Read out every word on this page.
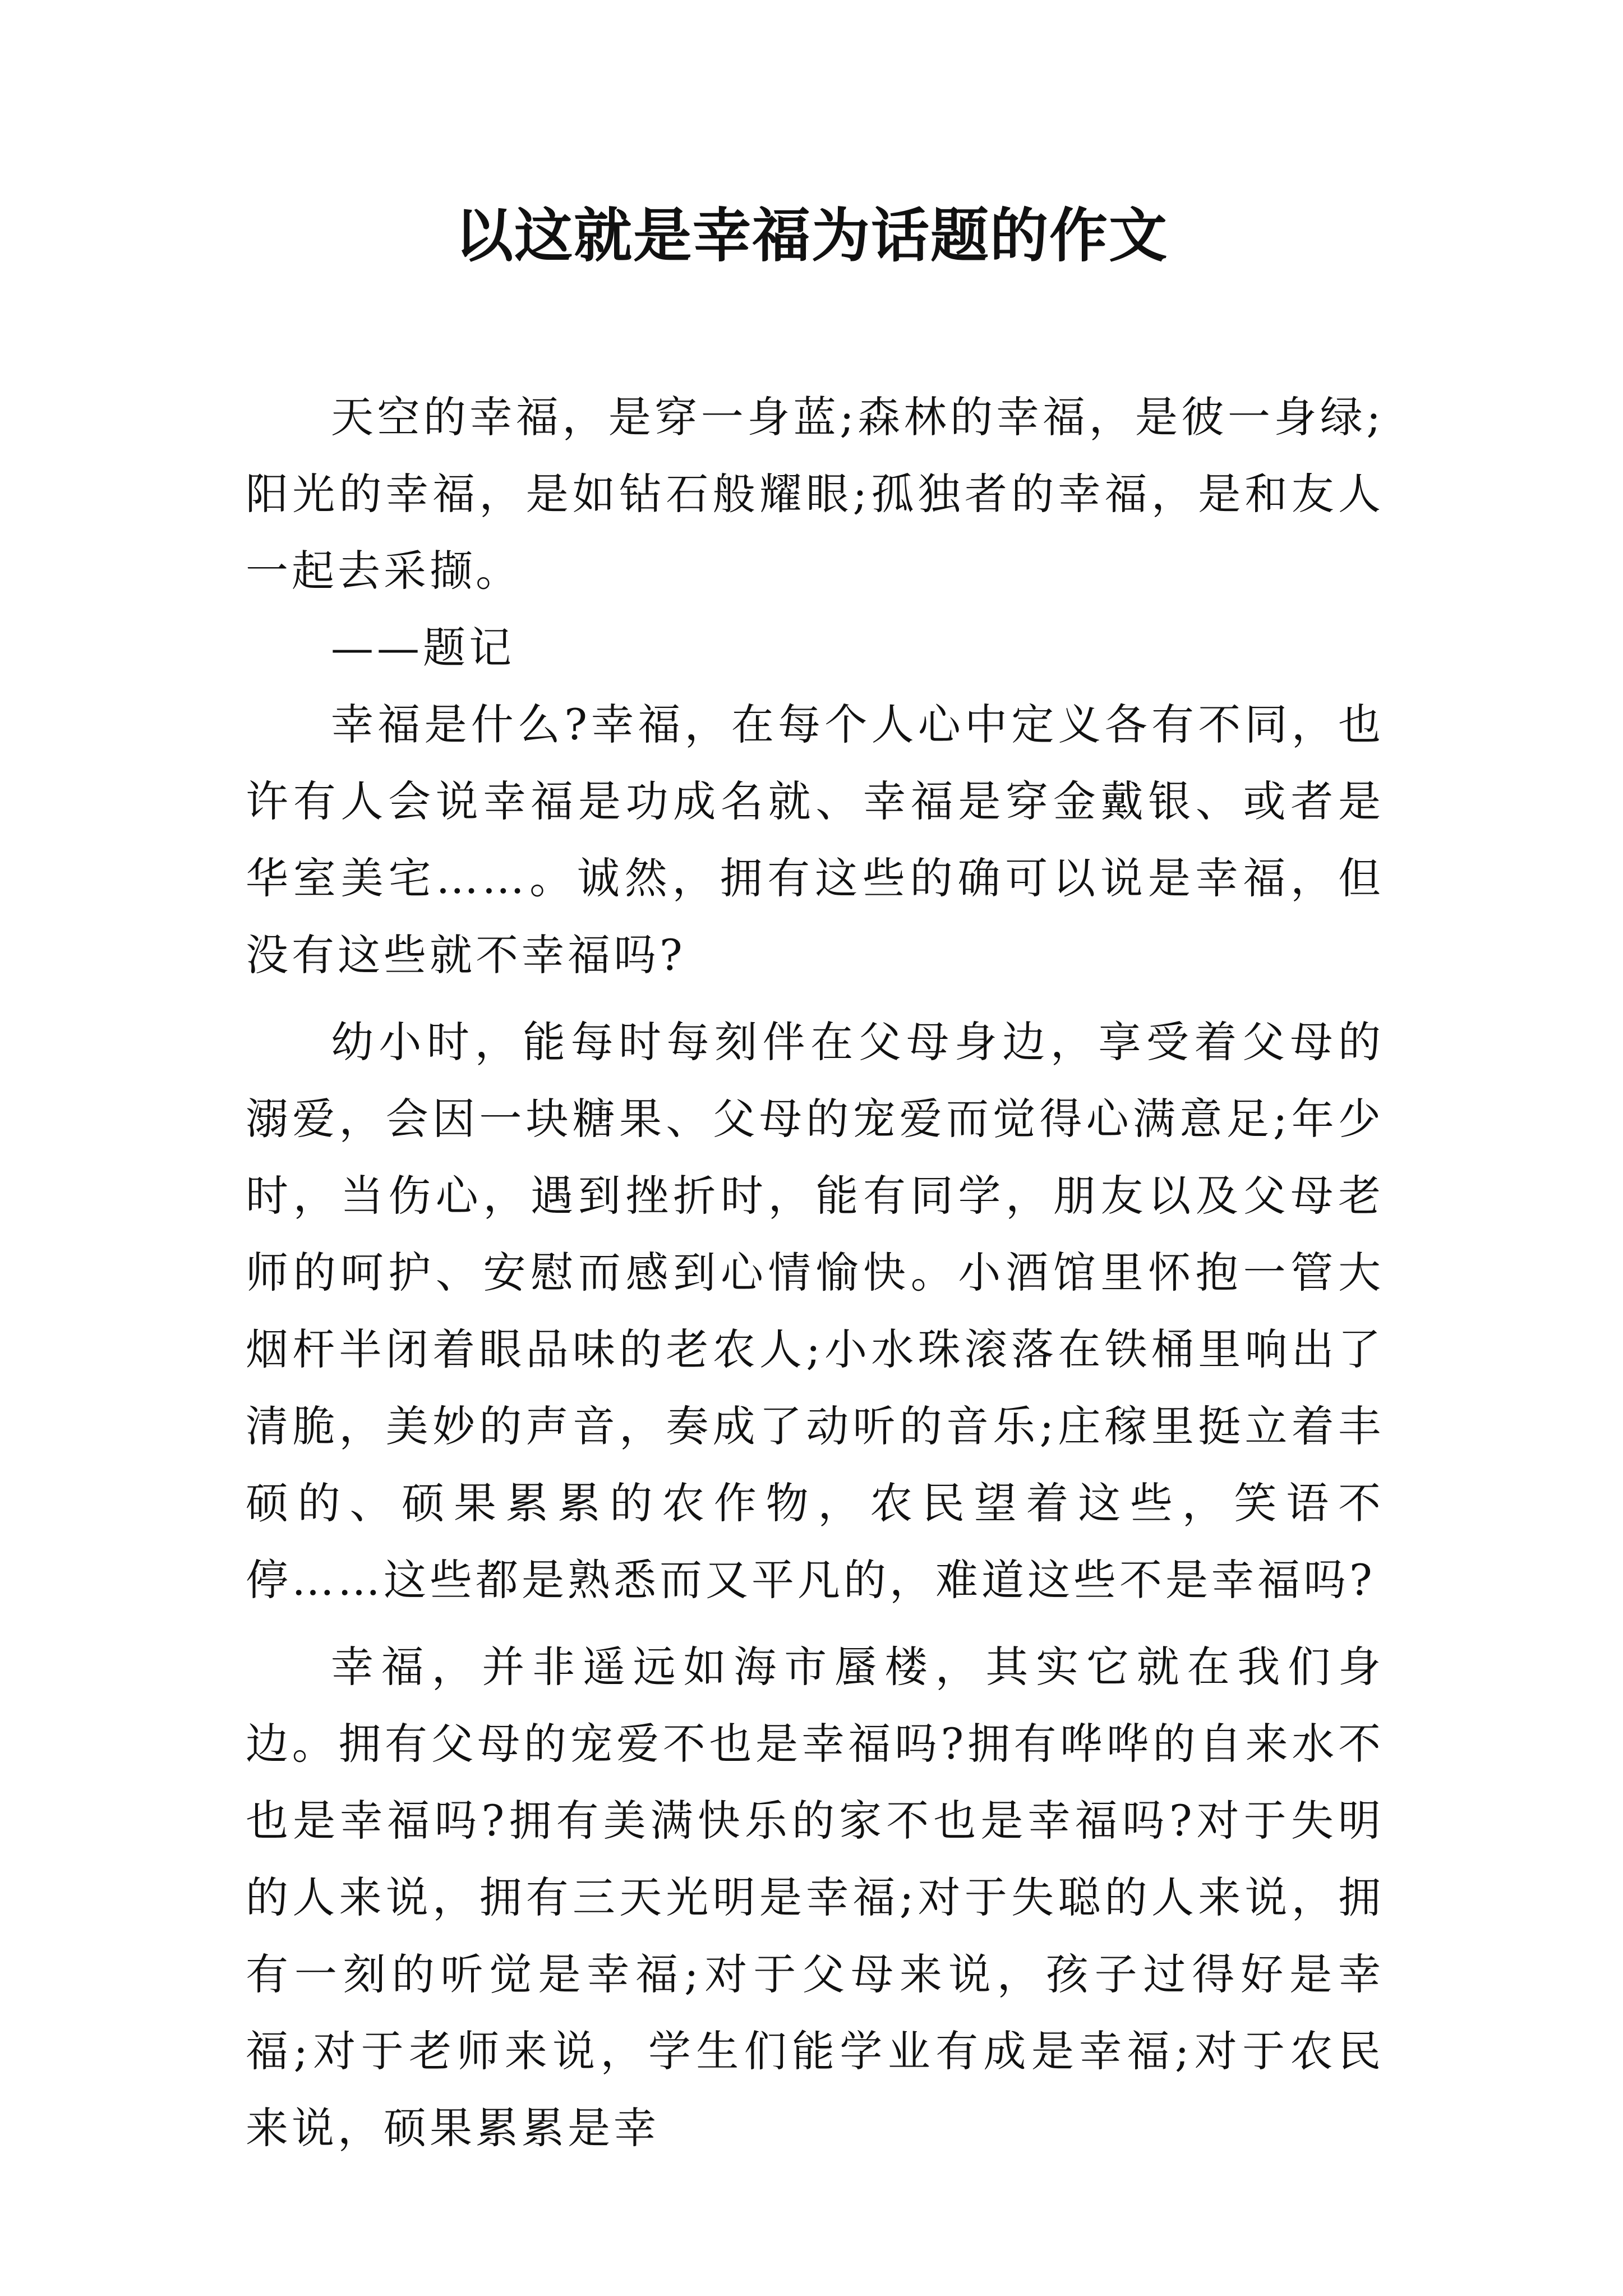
以这就是幸福为话题的作文

天空的幸福，是穿一身蓝;森林的幸福，是彼一身绿;阳光的幸福，是如钻石般耀眼;孤独者的幸福，是和友人一起去采撷。

——题记

幸福是什么?幸福，在每个人心中定义各有不同，也许有人会说幸福是功成名就、幸福是穿金戴银、或者是华室美宅……。诚然，拥有这些的确可以说是幸福，但没有这些就不幸福吗?

幼小时，能每时每刻伴在父母身边，享受着父母的溺爱，会因一块糖果、父母的宠爱而觉得心满意足;年少时，当伤心，遇到挫折时，能有同学，朋友以及父母老师的呵护、安慰而感到心情愉快。小酒馆里怀抱一管大烟杆半闭着眼品味的老农人;小水珠滚落在铁桶里响出了清脆，美妙的声音，奏成了动听的音乐;庄稼里挺立着丰硕的、硕果累累的农作物，农民望着这些，笑语不停……这些都是熟悉而又平凡的，难道这些不是幸福吗?

幸福，并非遥远如海市蜃楼，其实它就在我们身边。拥有父母的宠爱不也是幸福吗?拥有哗哗的自来水不也是幸福吗?拥有美满快乐的家不也是幸福吗?对于失明的人来说，拥有三天光明是幸福;对于失聪的人来说，拥有一刻的听觉是幸福;对于父母来说，孩子过得好是幸福;对于老师来说，学生们能学业有成是幸福;对于农民来说，硕果累累是幸
